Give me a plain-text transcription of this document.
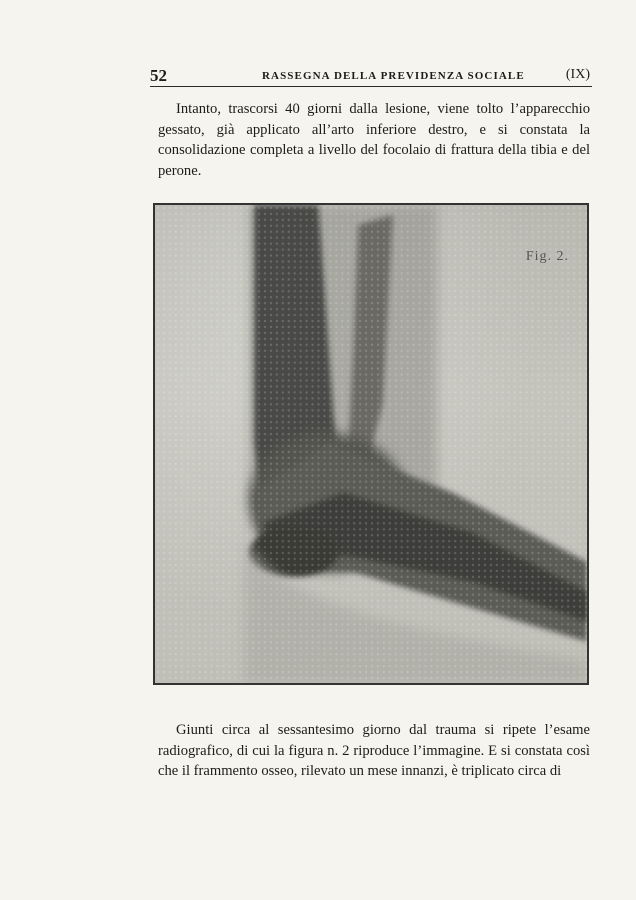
52	RASSEGNA DELLA PREVIDENZA SOCIALE	(IX)

Intanto, trascorsi 40 giorni dalla lesione, viene tolto l’apparecchio gessato, già applicato all’arto inferiore destro, e si constata la consolidazione completa a livello del focolaio di frattura della tibia e del perone.

Fig. 2.

Giunti circa al sessantesimo giorno dal trauma si ripete l’esame radiografico, di cui la figura n. 2 riproduce l’immagine. E si constata così che il frammento osseo, rilevato un mese innanzi, è triplicato circa di
